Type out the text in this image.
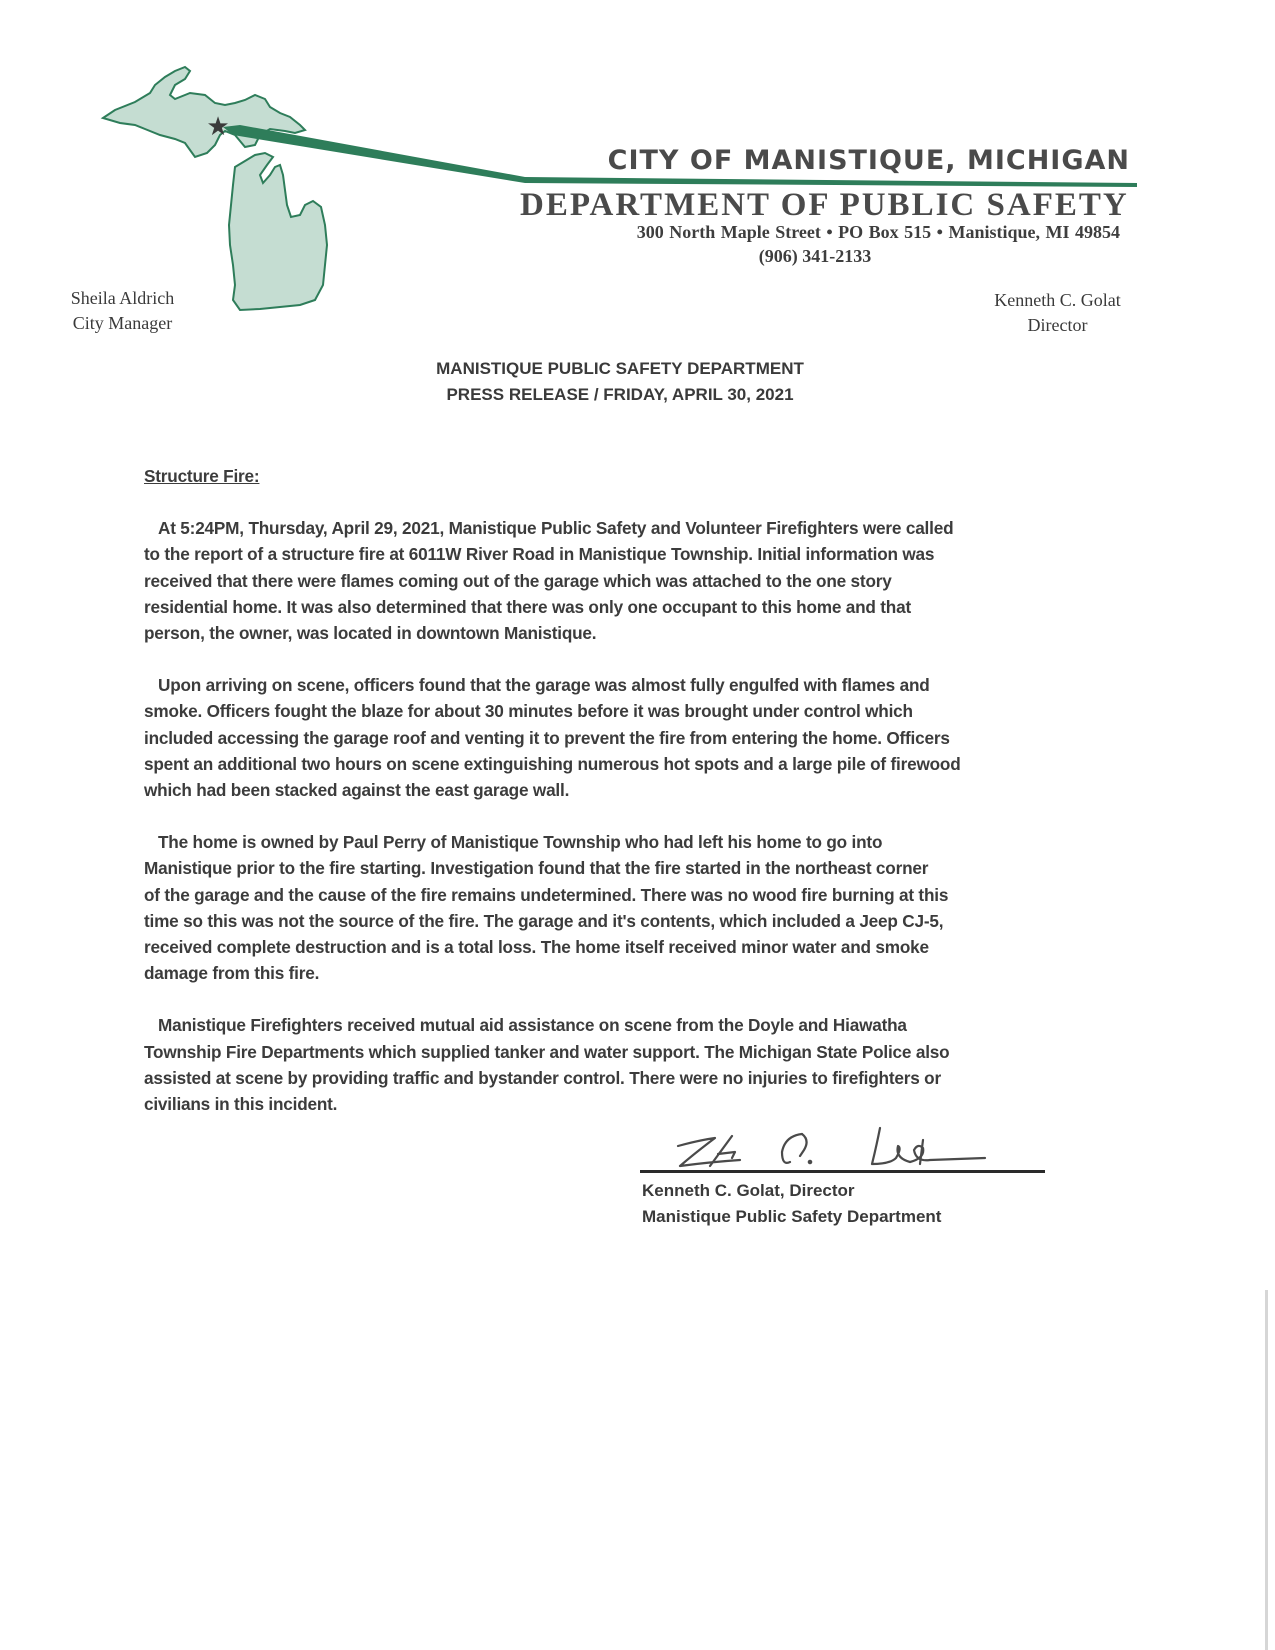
★
CITY OF MANISTIQUE, MICHIGAN
DEPARTMENT OF PUBLIC SAFETY
300 North Maple Street • PO Box 515 • Manistique, MI 49854
(906) 341-2133
Sheila Aldrich
City Manager
Kenneth C. Golat
Director
MANISTIQUE PUBLIC SAFETY DEPARTMENT
PRESS RELEASE / FRIDAY, APRIL 30, 2021
Structure Fire:
At 5:24PM, Thursday, April 29, 2021, Manistique Public Safety and Volunteer Firefighters were called
to the report of a structure fire at 6011W River Road in Manistique Township. Initial information was
received that there were flames coming out of the garage which was attached to the one story
residential home. It was also determined that there was only one occupant to this home and that
person, the owner, was located in downtown Manistique.
Upon arriving on scene, officers found that the garage was almost fully engulfed with flames and
smoke. Officers fought the blaze for about 30 minutes before it was brought under control which
included accessing the garage roof and venting it to prevent the fire from entering the home. Officers
spent an additional two hours on scene extinguishing numerous hot spots and a large pile of firewood
which had been stacked against the east garage wall.
The home is owned by Paul Perry of Manistique Township who had left his home to go into
Manistique prior to the fire starting. Investigation found that the fire started in the northeast corner
of the garage and the cause of the fire remains undetermined. There was no wood fire burning at this
time so this was not the source of the fire. The garage and it's contents, which included a Jeep CJ-5,
received complete destruction and is a total loss. The home itself received minor water and smoke
damage from this fire.
Manistique Firefighters received mutual aid assistance on scene from the Doyle and Hiawatha
Township Fire Departments which supplied tanker and water support. The Michigan State Police also
assisted at scene by providing traffic and bystander control. There were no injuries to firefighters or
civilians in this incident.
Kenneth C. Golat, Director
Manistique Public Safety Department
